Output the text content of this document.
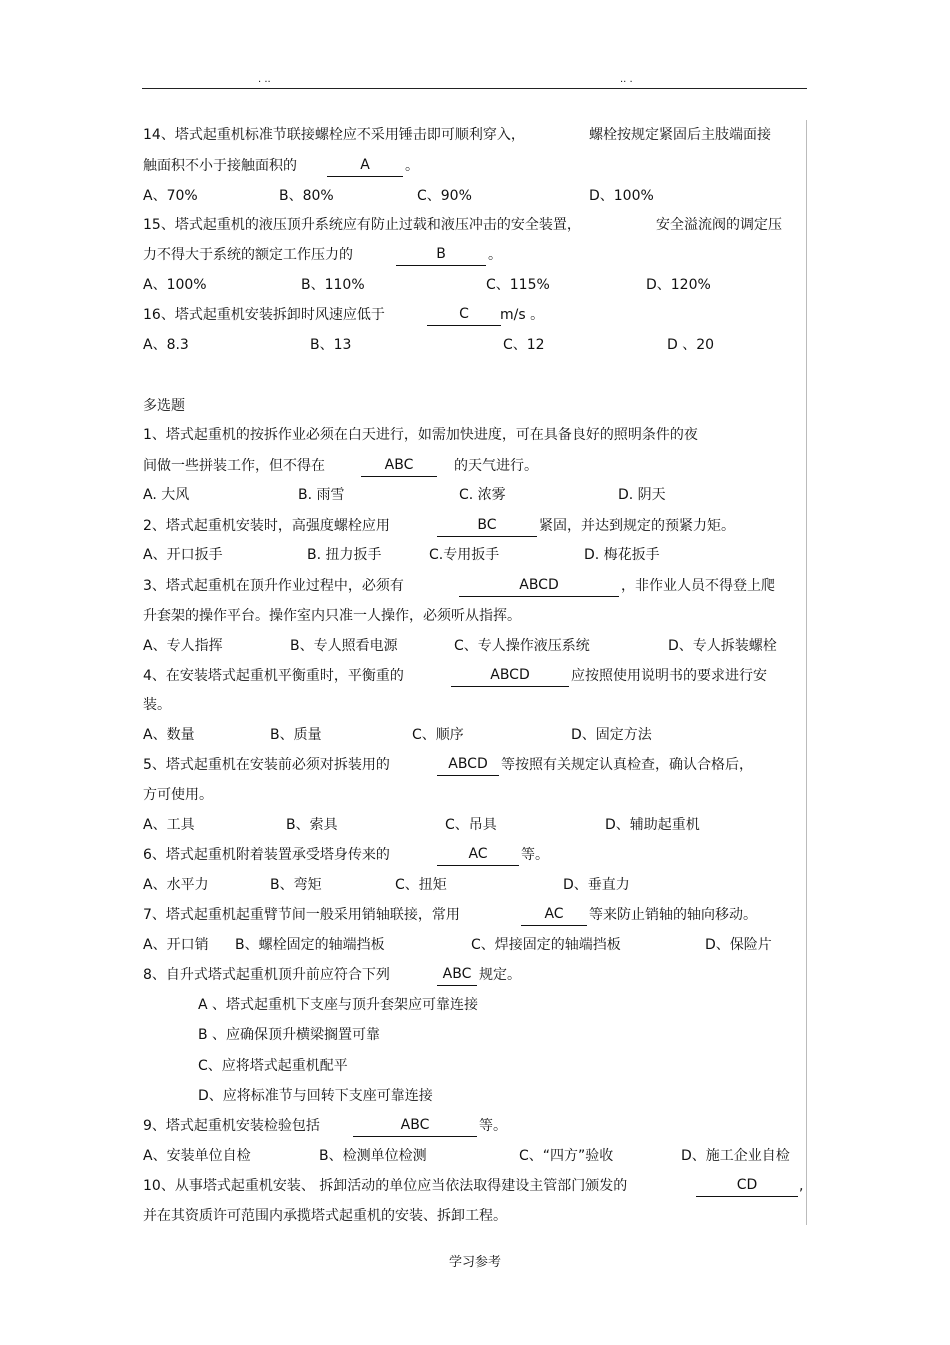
. ..	.. .
14、塔式起重机标准节联接螺栓应不采用锤击即可顺利穿入，	螺栓按规定紧固后主肢端面接
触面积不小于接触面积的	A	。
A、70%	B、80%	C、90%	D、100%
15、塔式起重机的液压顶升系统应有防止过载和液压冲击的安全装置，	安全溢流阀的调定压
力不得大于系统的额定工作压力的	B	。
A、100%	B、110%	C、115%	D、120%
16、塔式起重机安装拆卸时风速应低于	C	m/s 。
A、8.3	B、13	C、12	D 、20
多选题
1、塔式起重机的按拆作业必须在白天进行，如需加快进度，可在具备良好的照明条件的夜
间做一些拼装工作，但不得在	ABC	的天气进行。
A. 大风	B. 雨雪	C. 浓雾	D. 阴天
2、塔式起重机安装时，高强度螺栓应用	BC	紧固，并达到规定的预紧力矩。
A、开口扳手	B. 扭力扳手	C.专用扳手	D. 梅花扳手
3、塔式起重机在顶升作业过程中，必须有	ABCD	，非作业人员不得登上爬
升套架的操作平台。操作室内只准一人操作，必须听从指挥。
A、专人指挥	B、专人照看电源	C、专人操作液压系统	D、专人拆装螺栓
4、在安装塔式起重机平衡重时，平衡重的	ABCD	应按照使用说明书的要求进行安
装。
A、数量	B、质量	C、顺序	D、固定方法
5、塔式起重机在安装前必须对拆装用的	ABCD 等按照有关规定认真检查，确认合格后，
方可使用。
A、工具	B、索具	C、吊具	D、辅助起重机
6、塔式起重机附着装置承受塔身传来的	AC	等。
A、水平力	B、弯矩	C、扭矩	D、垂直力
7、塔式起重机起重臂节间一般采用销轴联接，常用	AC	等来防止销轴的轴向移动。
A、开口销 B、螺栓固定的轴端挡板	C、焊接固定的轴端挡板	D、保险片
8、自升式塔式起重机顶升前应符合下列	ABC 规定。
A 、塔式起重机下支座与顶升套架应可靠连接
B 、应确保顶升横梁搁置可靠
C、应将塔式起重机配平
D、应将标准节与回转下支座可靠连接
9、塔式起重机安装检验包括	ABC	等。
A、安装单位自检	B、检测单位检测	C、“四方”验收	D、施工企业自检
10、从事塔式起重机安装、 拆卸活动的单位应当依法取得建设主管部门颁发的	CD	,
并在其资质许可范围内承揽塔式起重机的安装、拆卸工程。
学习参考
